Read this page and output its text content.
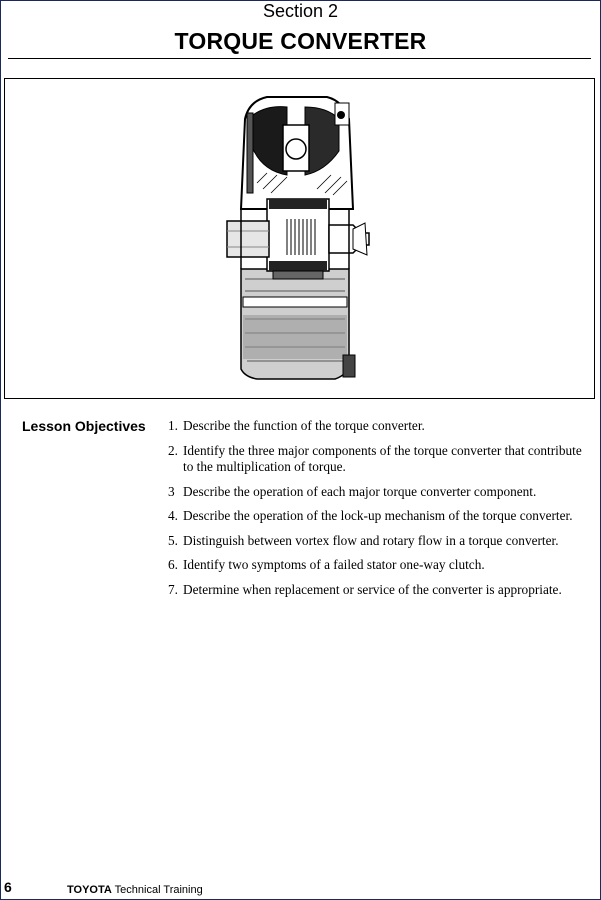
Section 2
TORQUE CONVERTER
Lesson Objectives 1. Describe the function of the torque converter.
2. Identify the three major components of the torque converter that contribute to the multiplication of torque.
3 Describe the operation of each major torque converter component.
4. Describe the operation of the lock-up mechanism of the torque converter.
5. Distinguish between vortex flow and rotary flow in a torque converter.
6. Identify two symptoms of a failed stator one-way clutch.
7. Determine when replacement or service of the converter is appropriate.
6	TOYOTA Technical Training
